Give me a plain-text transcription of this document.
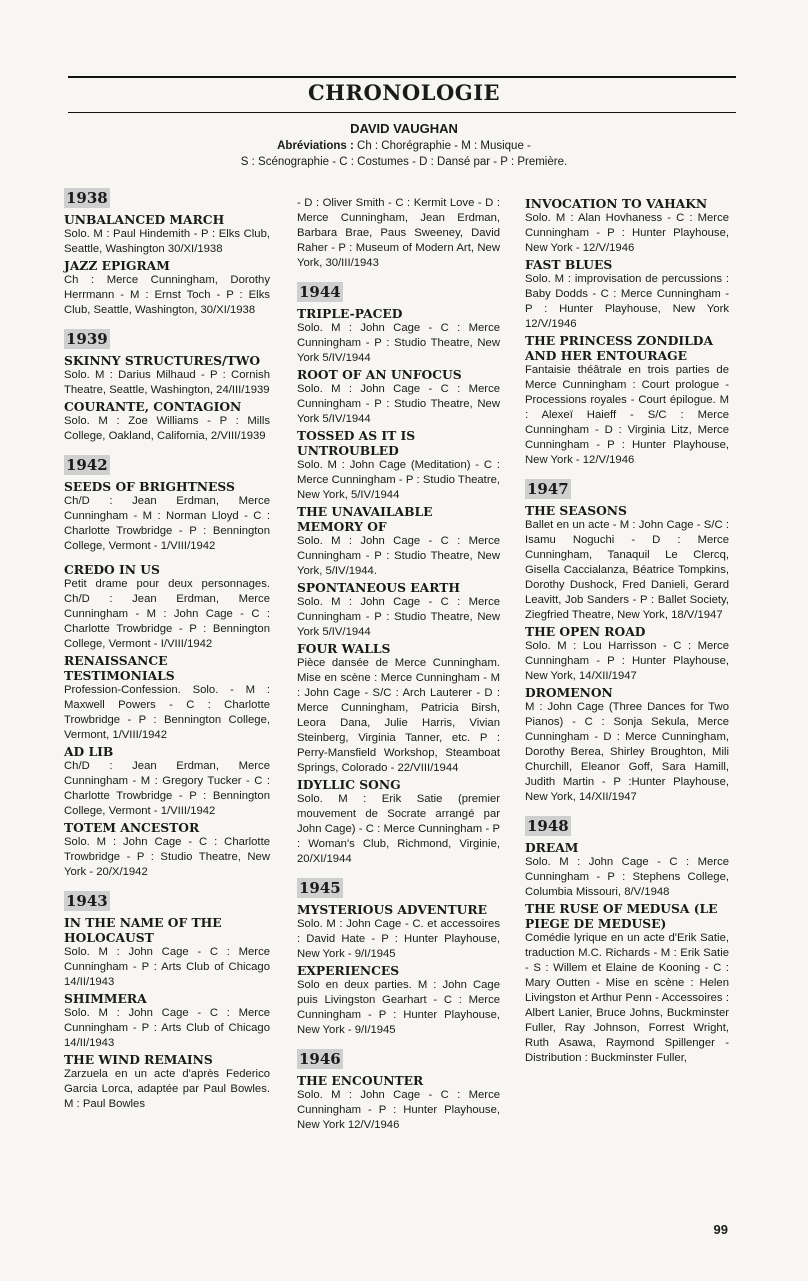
CHRONOLOGIE
DAVID VAUGHAN
Abréviations : Ch : Chorégraphie - M : Musique -
S : Scénographie - C : Costumes - D : Dansé par - P : Première.
1938
UNBALANCED MARCH
Solo. M : Paul Hindemith - P : Elks Club, Seattle, Washington 30/XI/1938
JAZZ EPIGRAM
Ch : Merce Cunningham, Dorothy Herrmann - M : Ernst Toch - P : Elks Club, Seattle, Washington, 30/XI/1938
1939
SKINNY STRUCTURES/TWO
Solo. M : Darius Milhaud - P : Cornish Theatre, Seattle, Washington, 24/III/1939
COURANTE, CONTAGION
Solo. M : Zoe Williams - P : Mills College, Oakland, California, 2/VIII/1939
1942
SEEDS OF BRIGHTNESS
Ch/D : Jean Erdman, Merce Cunningham - M : Norman Lloyd - C : Charlotte Trowbridge - P : Bennington College, Vermont - 1/VIII/1942
CREDO IN US
Petit drame pour deux personnages. Ch/D : Jean Erdman, Merce Cunningham - M : John Cage - C : Charlotte Trowbridge - P : Bennington College, Vermont - I/VIII/1942
RENAISSANCE TESTIMONIALS
Profession-Confession. Solo. - M : Maxwell Powers - C : Charlotte Trowbridge - P : Bennington College, Vermont, 1/VIII/1942
AD LIB
Ch/D : Jean Erdman, Merce Cunningham - M : Gregory Tucker - C : Charlotte Trowbridge - P : Bennington College, Vermont - 1/VIII/1942
TOTEM ANCESTOR
Solo. M : John Cage - C : Charlotte Trowbridge - P : Studio Theatre, New York - 20/X/1942
1943
IN THE NAME OF THE HOLOCAUST
Solo. M : John Cage - C : Merce Cunningham - P : Arts Club of Chicago 14/II/1943
SHIMMERA
Solo. M : John Cage - C : Merce Cunningham - P : Arts Club of Chicago 14/II/1943
THE WIND REMAINS
Zarzuela en un acte d'après Federico Garcia Lorca, adaptée par Paul Bowles. M : Paul Bowles
- D : Oliver Smith - C : Kermit Love - D : Merce Cunningham, Jean Erdman, Barbara Brae, Paus Sweeney, David Raher - P : Museum of Modern Art, New York, 30/III/1943
1944
TRIPLE-PACED
Solo. M : John Cage - C : Merce Cunningham - P : Studio Theatre, New York 5/IV/1944
ROOT OF AN UNFOCUS
Solo. M : John Cage - C : Merce Cunningham - P : Studio Theatre, New York 5/IV/1944
TOSSED AS IT IS UNTROUBLED
Solo. M : John Cage (Meditation) - C : Merce Cunningham - P : Studio Theatre, New York, 5/IV/1944
THE UNAVAILABLE MEMORY OF
Solo. M : John Cage - C : Merce Cunningham - P : Studio Theatre, New York, 5/IV/1944.
SPONTANEOUS EARTH
Solo. M : John Cage - C : Merce Cunningham - P : Studio Theatre, New York 5/IV/1944
FOUR WALLS
Pièce dansée de Merce Cunningham. Mise en scène : Merce Cunningham - M : John Cage - S/C : Arch Lauterer - D : Merce Cunningham, Patricia Birsh, Leora Dana, Julie Harris, Vivian Steinberg, Virginia Tanner, etc. P : Perry-Mansfield Workshop, Steamboat Springs, Colorado - 22/VIII/1944
IDYLLIC SONG
Solo. M : Erik Satie (premier mouvement de Socrate arrangé par John Cage) - C : Merce Cunningham - P : Woman's Club, Richmond, Virginie, 20/XI/1944
1945
MYSTERIOUS ADVENTURE
Solo. M : John Cage - C. et accessoires : David Hate - P : Hunter Playhouse, New York - 9/I/1945
EXPERIENCES
Solo en deux parties. M : John Cage puis Livingston Gearhart - C : Merce Cunningham - P : Hunter Playhouse, New York - 9/I/1945
1946
THE ENCOUNTER
Solo. M : John Cage - C : Merce Cunningham - P : Hunter Playhouse, New York 12/V/1946
INVOCATION TO VAHAKN
Solo. M : Alan Hovhaness - C : Merce Cunningham - P : Hunter Playhouse, New York - 12/V/1946
FAST BLUES
Solo. M : improvisation de percussions : Baby Dodds - C : Merce Cunningham - P : Hunter Playhouse, New York 12/V/1946
THE PRINCESS ZONDILDA AND HER ENTOURAGE
Fantaisie théâtrale en trois parties de Merce Cunningham : Court prologue - Processions royales - Court épilogue. M : Alexeï Haieff - S/C : Merce Cunningham - D : Virginia Litz, Merce Cunningham - P : Hunter Playhouse, New York - 12/V/1946
1947
THE SEASONS
Ballet en un acte - M : John Cage - S/C : Isamu Noguchi - D : Merce Cunningham, Tanaquil Le Clercq, Gisella Caccialanza, Béatrice Tompkins, Dorothy Dushock, Fred Danieli, Gerard Leavitt, Job Sanders - P : Ballet Society, Ziegfried Theatre, New York, 18/V/1947
THE OPEN ROAD
Solo. M : Lou Harrisson - C : Merce Cunningham - P : Hunter Playhouse, New York, 14/XII/1947
DROMENON
M : John Cage (Three Dances for Two Pianos) - C : Sonja Sekula, Merce Cunningham - D : Merce Cunningham, Dorothy Berea, Shirley Broughton, Mili Churchill, Eleanor Goff, Sara Hamill, Judith Martin - P :Hunter Playhouse, New York, 14/XII/1947
1948
DREAM
Solo. M : John Cage - C : Merce Cunningham - P : Stephens College, Columbia Missouri, 8/V/1948
THE RUSE OF MEDUSA (LE PIEGE DE MEDUSE)
Comédie lyrique en un acte d'Erik Satie, traduction M.C. Richards - M : Erik Satie - S : Willem et Elaine de Kooning - C : Mary Outten - Mise en scène : Helen Livingston et Arthur Penn - Accessoires : Albert Lanier, Bruce Johns, Buckminster Fuller, Ray Johnson, Forrest Wright, Ruth Asawa, Raymond Spillenger - Distribution : Buckminster Fuller,
99
